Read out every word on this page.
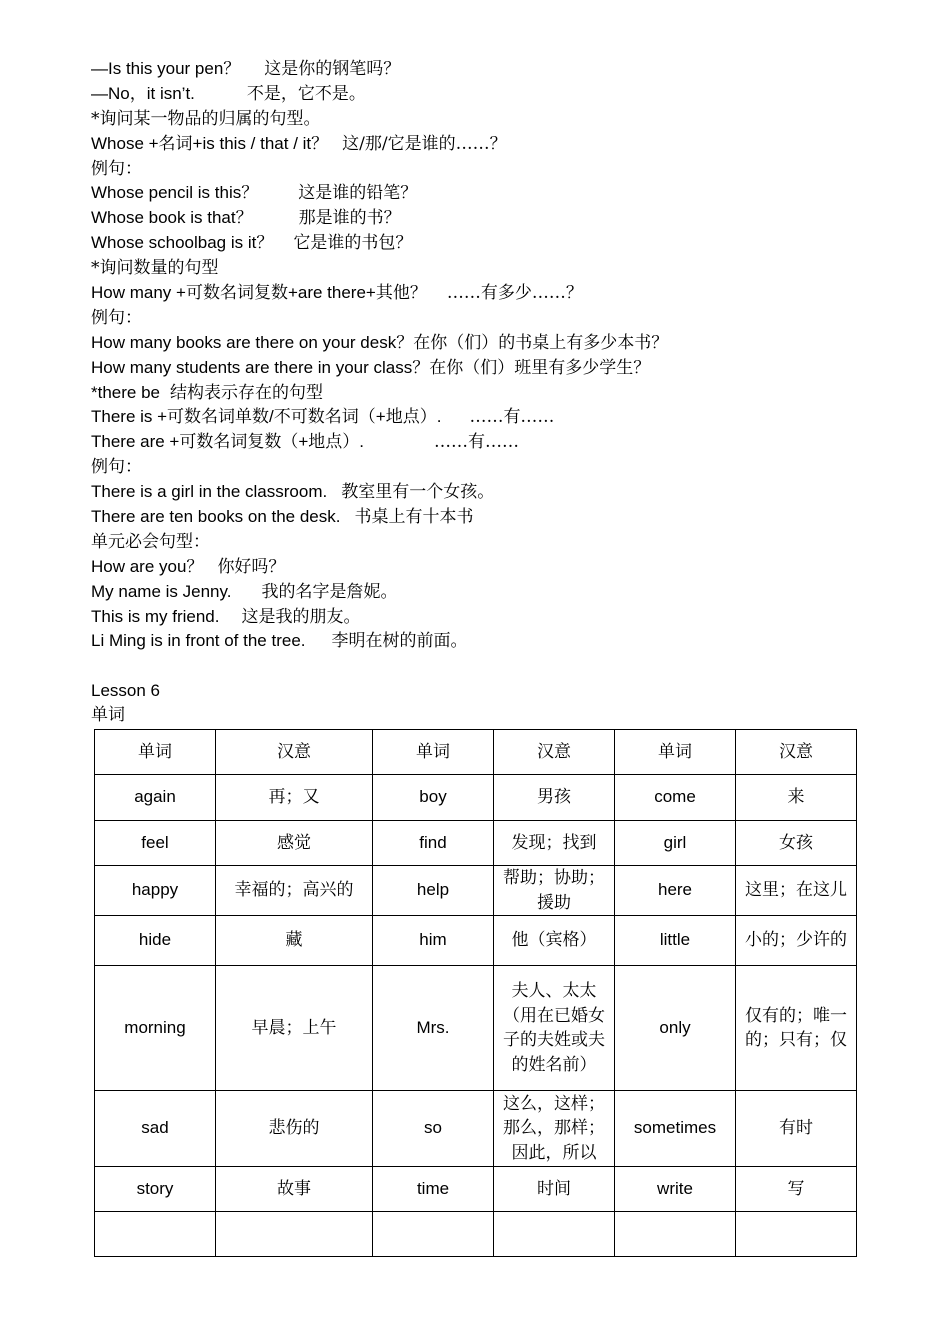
—Is this your pen？ 这是你的钢笔吗？
—No，it isn’t.	不是，它不是。
*询问某一物品的归属的句型。
Whose +名词+is this / that / it？ 这/那/它是谁的……？
例句：
Whose pencil is this？ 这是谁的铅笔？
Whose book is that？	那是谁的书？
Whose schoolbag is it？ 它是谁的书包？
*询问数量的句型
How many +可数名词复数+are there+其他？ ……有多少……？
例句：
How many books are there on your desk？在你（们）的书桌上有多少本书？
How many students are there in your class？在你（们）班里有多少学生？
*there be 结构表示存在的句型
There is +可数名词单数/不可数名词（+地点）. ……有……
There are +可数名词复数（+地点）.	……有……
例句：
There is a girl in the classroom. 教室里有一个女孩。
There are ten books on the desk. 书桌上有十本书
单元必会句型：
How are you？ 你好吗？
My name is Jenny. 我的名字是詹妮。
This is my friend. 这是我的朋友。
Li Ming is in front of the tree. 李明在树的前面。
Lesson 6
单词
单词	汉意	单词	汉意	单词	汉意
again	再；又	boy	男孩	come	来
feel	感觉	find	发现；找到	girl	女孩
happy	幸福的；高兴的	help	帮助；协助；援助	here	这里；在这儿
hide	藏	him	他（宾格）	little	小的；少许的
morning	早晨；上午	Mrs.	夫人、太太（用在已婚女子的夫姓或夫的姓名前）	only	仅有的；唯一的；只有；仅
sad	悲伤的	so	这么，这样；那么，那样；因此，所以	sometimes	有时
story	故事	time	时间	write	写
